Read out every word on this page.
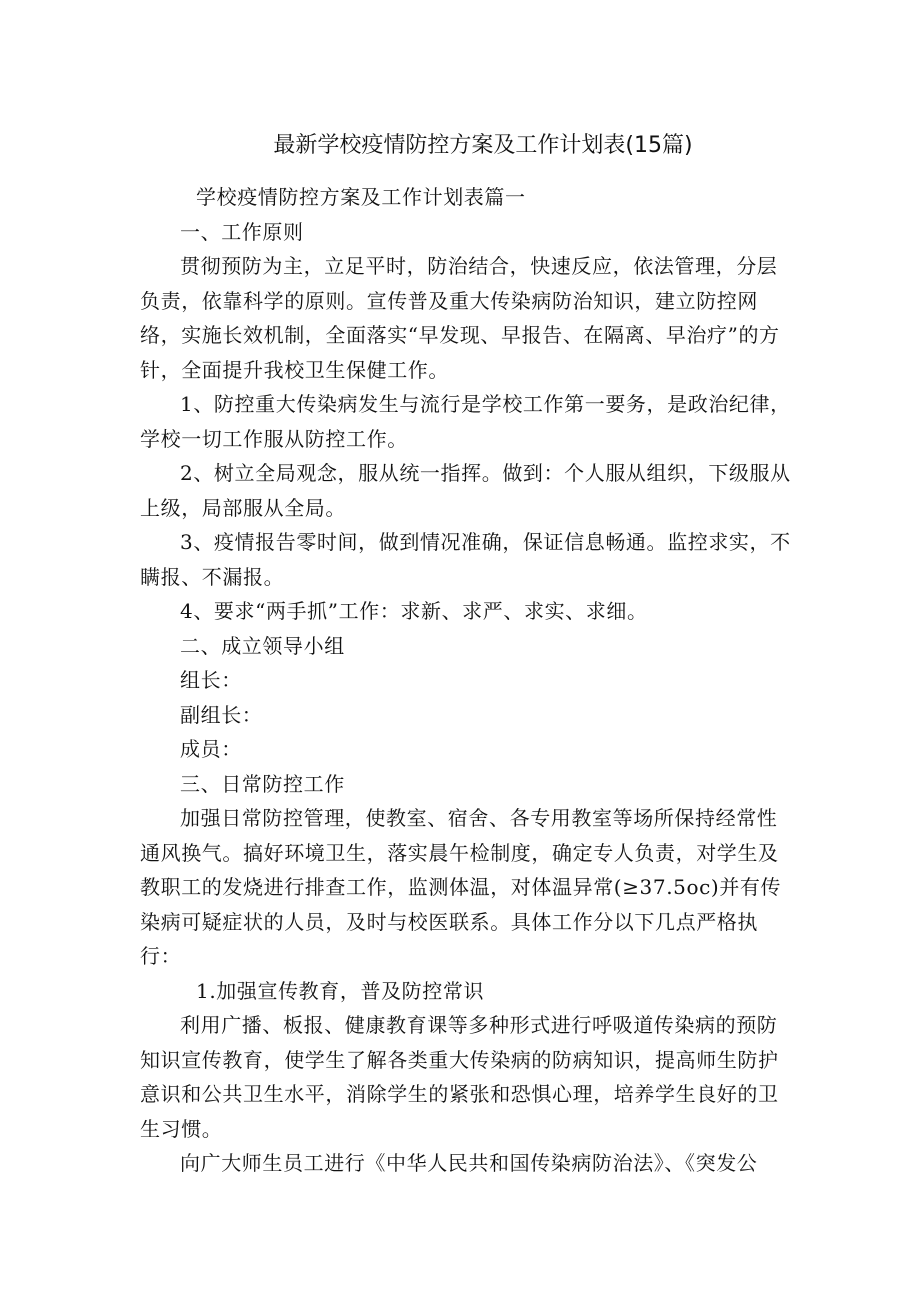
最新学校疫情防控方案及工作计划表(15篇)

学校疫情防控方案及工作计划表篇一

一、工作原则

贯彻预防为主，立足平时，防治结合，快速反应，依法管理，分层负责，依靠科学的原则。宣传普及重大传染病防治知识，建立防控网络，实施长效机制，全面落实“早发现、早报告、在隔离、早治疗”的方针，全面提升我校卫生保健工作。

1、防控重大传染病发生与流行是学校工作第一要务，是政治纪律，学校一切工作服从防控工作。

2、树立全局观念，服从统一指挥。做到：个人服从组织，下级服从上级，局部服从全局。

3、疫情报告零时间，做到情况准确，保证信息畅通。监控求实，不瞒报、不漏报。

4、要求“两手抓”工作：求新、求严、求实、求细。

二、成立领导小组

组长：

副组长：

成员：

三、日常防控工作

加强日常防控管理，使教室、宿舍、各专用教室等场所保持经常性通风换气。搞好环境卫生，落实晨午检制度，确定专人负责，对学生及教职工的发烧进行排查工作，监测体温，对体温异常(≥37.5oc)并有传染病可疑症状的人员，及时与校医联系。具体工作分以下几点严格执行：

1.加强宣传教育，普及防控常识

利用广播、板报、健康教育课等多种形式进行呼吸道传染病的预防知识宣传教育，使学生了解各类重大传染病的防病知识，提高师生防护意识和公共卫生水平，消除学生的紧张和恐惧心理，培养学生良好的卫生习惯。

向广大师生员工进行《中华人民共和国传染病防治法》、《突发公
